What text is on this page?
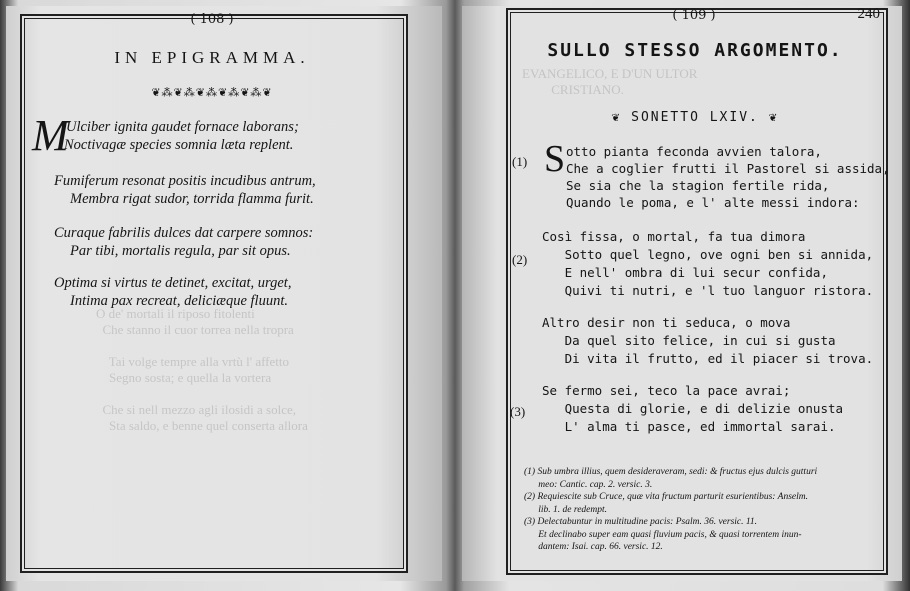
O de' mortali il riposo fitolenti
Che stanno il cuor torrea nella tropra

Tai volge tempre alla vrtù l' affetto
Segno sosta; e quella la vortera

Che si nell mezzo agli ilosidi a solce,
Sta saldo, e benne quel conserta allora
( 108 )
IN EPIGRAMMA.
❦⁂❦⁂❦⁂❦⁂❦⁂❦
M
Ulciber ignita gaudet fornace laborans;
Noctivagæ species somnia læta replent.
Fumiferum resonat positis incudibus antrum,
Membra rigat sudor, torrida flamma furit.
Curaque fabrilis dulces dat carpere somnos:
Par tibi, mortalis regula, par sit opus.
Optima si virtus te detinet, excitat, urget,
Intima pax recreat, deliciæque fluunt.
EVANGELICO, E D'UN ULTOR
CRISTIANO.
( 109 )	240
SULLO STESSO ARGOMENTO.
❦ SONETTO LXIV. ❦
(1) S otto pianta feconda avvien talora,
Che a coglier frutti il Pastorel si assida,
Se sia che la stagion fertile rida,
Quando le poma, e l' alte messi indora:
(2)
Così fissa, o mortal, fa tua dimora
Sotto quel legno, ove ogni ben si annida,
E nell' ombra di lui secur confida,
Quivi ti nutri, e 'l tuo languor ristora.
Altro desir non ti seduca, o mova
Da quel sito felice, in cui si gusta
Di vita il frutto, ed il piacer si trova.
(3)
Se fermo sei, teco la pace avrai;
Questa di glorie, e di delizie onusta
L' alma ti pasce, ed immortal sarai.
(1) Sub umbra illius, quem desideraveram, sedi: & fructus ejus dulcis gutturi
meo: Cantic. cap. 2. versic. 3.
(2) Requiescite sub Cruce, quæ vita fructum parturit esurientibus: Anselm.
lib. 1. de redempt.
(3) Delectabuntur in multitudine pacis: Psalm. 36. versic. 11.
Et declinabo super eam quasi fluvium pacis, & quasi torrentem inun-
dantem: Isai. cap. 66. versic. 12.
